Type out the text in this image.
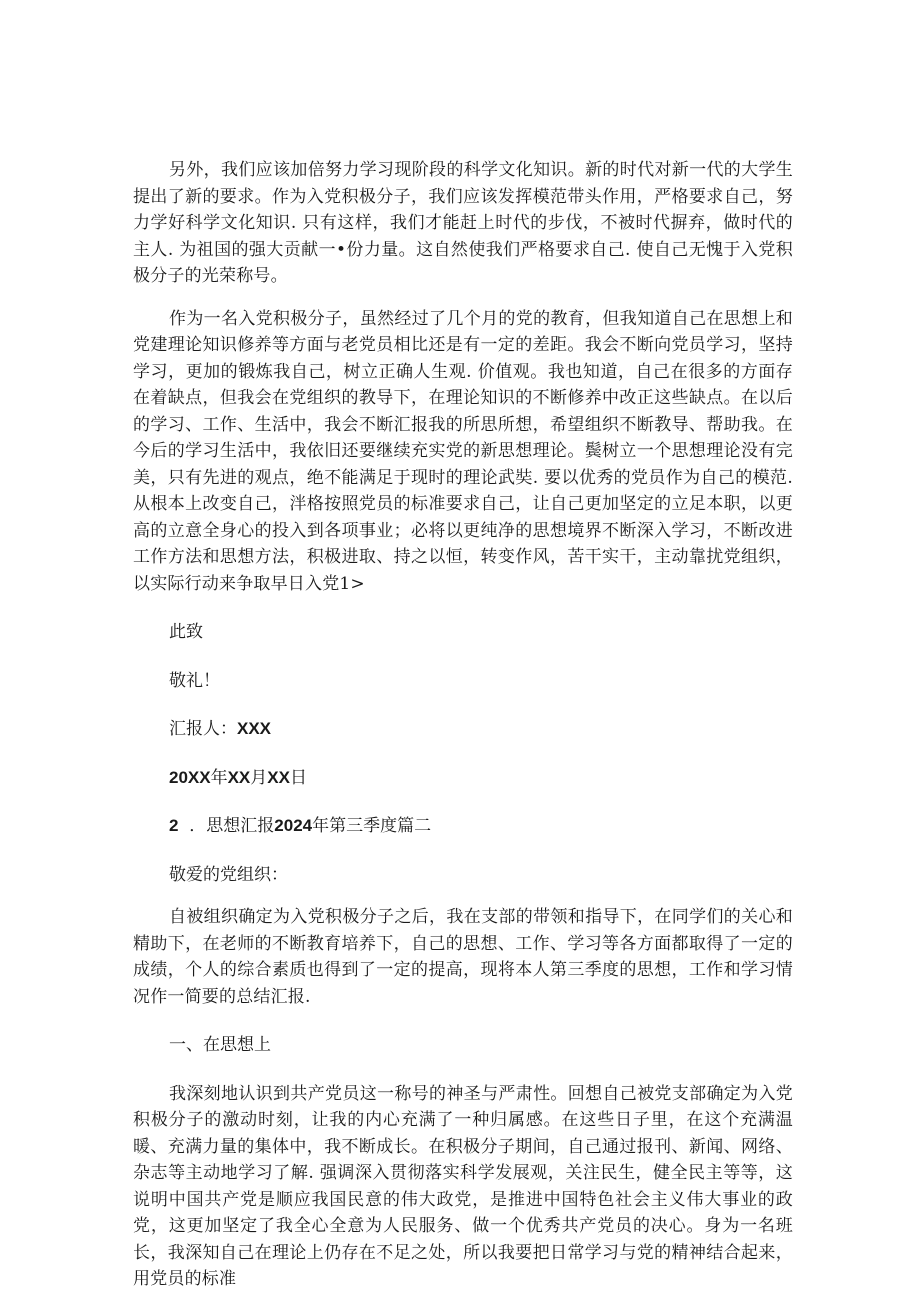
另外，我们应该加倍努力学习现阶段的科学文化知识。新的时代对新一代的大学生提出了新的要求。作为入党积极分子，我们应该发挥模范带头作用，严格要求自己，努力学好科学文化知识. 只有这样，我们才能赶上时代的步伐，不被时代摒弃，做时代的主人. 为祖国的强大贡献一•份力量。这自然使我们严格要求自己. 使自己无愧于入党积极分子的光荣称号。

作为一名入党积极分子，虽然经过了几个月的党的教育，但我知道自己在思想上和党建理论知识修养等方面与老党员相比还是有一定的差距。我会不断向党员学习，坚持学习，更加的锻炼我自己，树立正确人生观. 价值观。我也知道，自己在很多的方面存在着缺点，但我会在党组织的教导下，在理论知识的不断修养中改正这些缺点。在以后的学习、工作、生活中，我会不断汇报我的所思所想，希望组织不断教导、帮助我。在今后的学习生活中，我依旧还要继续充实党的新思想理论。鬓树立一个思想理论没有完美，只有先进的观点，绝不能满足于现时的理论武奘. 要以优秀的党员作为自己的模范. 从根本上改变自己，泮格按照党员的标准要求自己，让自己更加坚定的立足本职，以更高的立意全身心的投入到各项事业；必将以更纯净的思想境界不断深入学习，不断改进工作方法和思想方法，积极进取、持之以恒，转变作风，苦干实干，主动靠扰党组织，以实际行动来争取早日入党1>

此致

敬礼！

汇报人：XXX

20XX年XX月XX日

2 ．思想汇报2024年第三季度篇二

敬爱的党组织：

自被组织确定为入党积极分子之后，我在支部的带领和指导下，在同学们的关心和精助下，在老师的不断教育培养下，自己的思想、工作、学习等各方面都取得了一定的成绩，个人的综合素质也得到了一定的提高，现将本人第三季度的思想，工作和学习情况作一简要的总结汇报.

一、在思想上

我深刻地认识到共产党员这一称号的神圣与严肃性。回想自己被党支部确定为入党积极分子的激动时刻，让我的内心充满了一种归属感。在这些日子里，在这个充满温暖、充满力量的集体中，我不断成长。在积极分子期间，自己通过报刊、新闻、网络、杂志等主动地学习了解. 强调深入贯彻落实科学发展观，关注民生，健全民主等等，这说明中国共产党是顺应我国民意的伟大政党，是推进中国特色社会主义伟大事业的政党，这更加坚定了我全心全意为人民服务、做一个优秀共产党员的决心。身为一名班长，我深知自己在理论上仍存在不足之处，所以我要把日常学习与党的精神结合起来，用党员的标准
